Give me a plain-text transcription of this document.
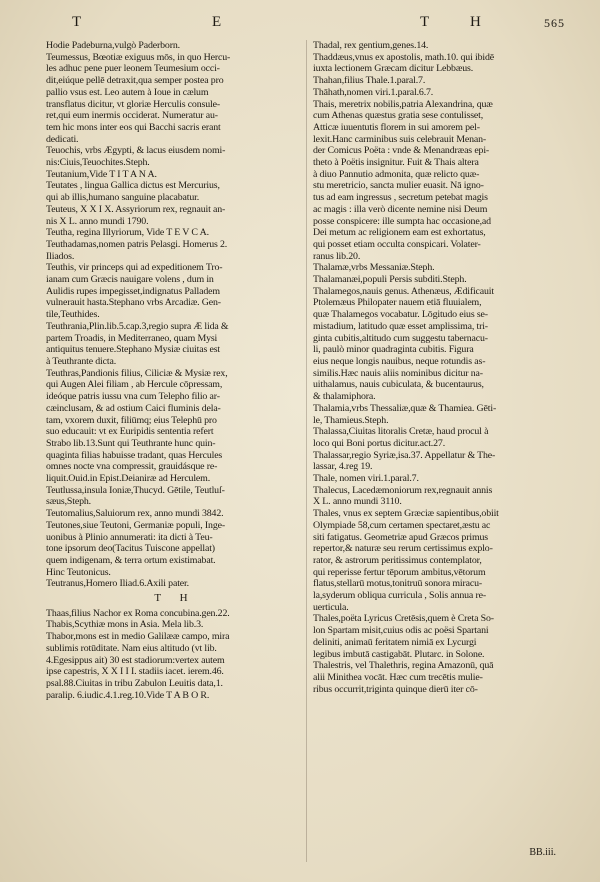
T	E	T	H	565
Hodie Padeburna,vulgò Paderborn.
Teumessus, Bœotiæ exiguus mōs, in quo Hercu-
les adhuc pene puer leonem Teumesium occi-
dit,eiúque pellē detraxit,qua semper postea pro
pallio vsus est. Leo autem à Ioue in cælum
transflatus dicitur, vt gloriæ Herculis consule-
ret,qui eum inermis occiderat. Numeratur au-
tem hic mons inter eos qui Bacchi sacris erant
dedicati.
Teuochis, vrbs Ægypti, & lacus eiusdem nomi-
nis:Ciuis,Teuochites.Steph.
Teutanium,Vide T I T A N A.
Teutates , lingua Gallica dictus est Mercurius,
qui ab illis,humano sanguine placabatur.
Teuteus, X X I X. Assyriorum rex, regnauit an-
nis X L. anno mundi 1790.
Teutha, regina Illyriorum, Vide T E V C A.
Teuthadamas,nomen patris Pelasgi. Homerus 2.
Iliados.
Teuthis, vir princeps qui ad expeditionem Tro-
ianam cum Græcis nauigare volens , dum in
Aulidis rupes impegisset,indignatus Palladem
vulnerauit hasta.Stephano vrbs Arcadiæ. Gen-
tile,Teuthides.
Teuthrania,Plin.lib.5.cap.3,regio supra Æ lida &
partem Troadis, in Mediterraneo, quam Mysi
antiquitus tenuere.Stephano Mysiæ ciuitas est
à Teuthrante dicta.
Teuthras,Pandionis filius, Ciliciæ & Mysiæ rex,
qui Augen Alei filiam , ab Hercule cōpressam,
ideóque patris iussu vna cum Telepho filio ar-
cæinclusam, & ad ostium Caici fluminis dela-
tam, vxorem duxit, filiūmq; eius Telephū pro
suo educauit: vt ex Euripidis sententia refert
Strabo lib.13.Sunt qui Teuthrante hunc quin-
quaginta filias habuisse tradant, quas Hercules
omnes nocte vna compressit, grauidásque re-
liquit.Ouid.in Epist.Deianiræ ad Herculem.
Teutlussa,insula Ioniæ,Thucyd. Gētile, Teutluſ-
sæus,Steph.
Teutomalius,Saluiorum rex, anno mundi 3842.
Teutones,siue Teutoni, Germaniæ populi, Inge-
uonibus à Plinio annumerati: ita dicti à Teu-
tone ipsorum deo(Tacitus Tuiscone appellat)
quem indigenam, & terra ortum existimabat.
Hinc Teutonicus.
Teutranus,Homero Iliad.6.Axili pater.
T H
Thaas,filius Nachor ex Roma concubina.gen.22.
Thabis,Scythiæ mons in Asia. Mela lib.3.
Thabor,mons est in medio Galilææ campo, mira
sublimis rotūditate. Nam eius altitudo (vt lib.
4.Egesippus ait) 30 est stadiorum:vertex autem
ipse capestris, X X I I I. stadiis iacet. ierem.46.
psal.88.Ciuitas in tribu Zabulon Leuitis data,1.
paralip. 6.iudic.4.1.reg.10.Vide T A B O R.
Thadal, rex gentium,genes.14.
Thaddæus,vnus ex apostolis, math.10. qui ibidē
iuxta lectionem Græcam dicitur Lebbæus.
Thahan,filius Thale.1.paral.7.
Thāhath,nomen viri.1.paral.6.7.
Thais, meretrix nobilis,patria Alexandrina, quæ
cum Athenas quæstus gratia sese contulisset,
Atticæ iuuentutis florem in sui amorem pel-
lexit.Hanc carminibus suis celebrauit Menan-
der Comicus Poëta : vnde & Menandræas epi-
theto à Poëtis insignitur. Fuit & Thais altera
à diuo Pannutio admonita, quæ relicto quæ-
stu meretricio, sancta mulier euasit. Nā igno-
tus ad eam ingressus , secretum petebat magis
ac magis : illa verò dicente nemine nisi Deum
posse conspicere: ille sumpta hac occasione,ad
Dei metum ac religionem eam est exhortatus,
qui posset etiam occulta conspicari. Volater-
ranus lib.20.
Thalamæ,vrbs Messaniæ.Steph.
Thalamanæi,populi Persis subditi.Steph.
Thalamegos,nauis genus. Athenæus, Ædificauit
Ptolemæus Philopater nauem etiā fluuialem,
quæ Thalamegos vocabatur. Lōgitudo eius se-
mistadium, latitudo quæ esset amplissima, tri-
ginta cubitis,altitudo cum suggestu tabernacu-
li, paulò minor quadraginta cubitis. Figura
eius neque longis nauibus, neque rotundis as-
similis.Hæc nauis aliis nominibus dicitur na-
uithalamus, nauis cubiculata, & bucentaurus,
& thalamiphora.
Thalamia,vrbs Thessaliæ,quæ & Thamiea. Gēti-
le, Thamieus.Steph.
Thalassa,Ciuitas litoralis Cretæ, haud procul à
loco qui Boni portus dicitur.act.27.
Thalassar,regio Syriæ,isa.37. Appellatur & The-
lassar, 4.reg 19.
Thale, nomen viri.1.paral.7.
Thalecus, Lacedæmoniorum rex,regnauit annis
X L. anno mundi 3110.
Thales, vnus ex septem Græciæ sapientibus,obiit
Olympiade 58,cum certamen spectaret,æstu ac
siti fatigatus. Geometriæ apud Græcos primus
repertor,& naturæ seu rerum certissimus explo-
rator, & astrorum peritissimus contemplator,
qui reperisse fertur tēporum ambitus,vētorum
flatus,stellarū motus,tonitruū sonora miracu-
la,syderum obliqua curricula , Solis annua re-
uerticula.
Thales,poëta Lyricus Cretēsis,quem è Creta So-
lon Spartam misit,cuius odis ac poësi Spartani
deliniti, animaū feritatem nimiā ex Lycurgi
legibus imbutā castigabāt. Plutarc. in Solone.
Thalestris, vel Thalethris, regina Amazonū, quā
alii Minithea vocāt. Hæc cum trecētis mulie-
ribus occurrit,triginta quinque dierū iter cō-
BB.iii.
